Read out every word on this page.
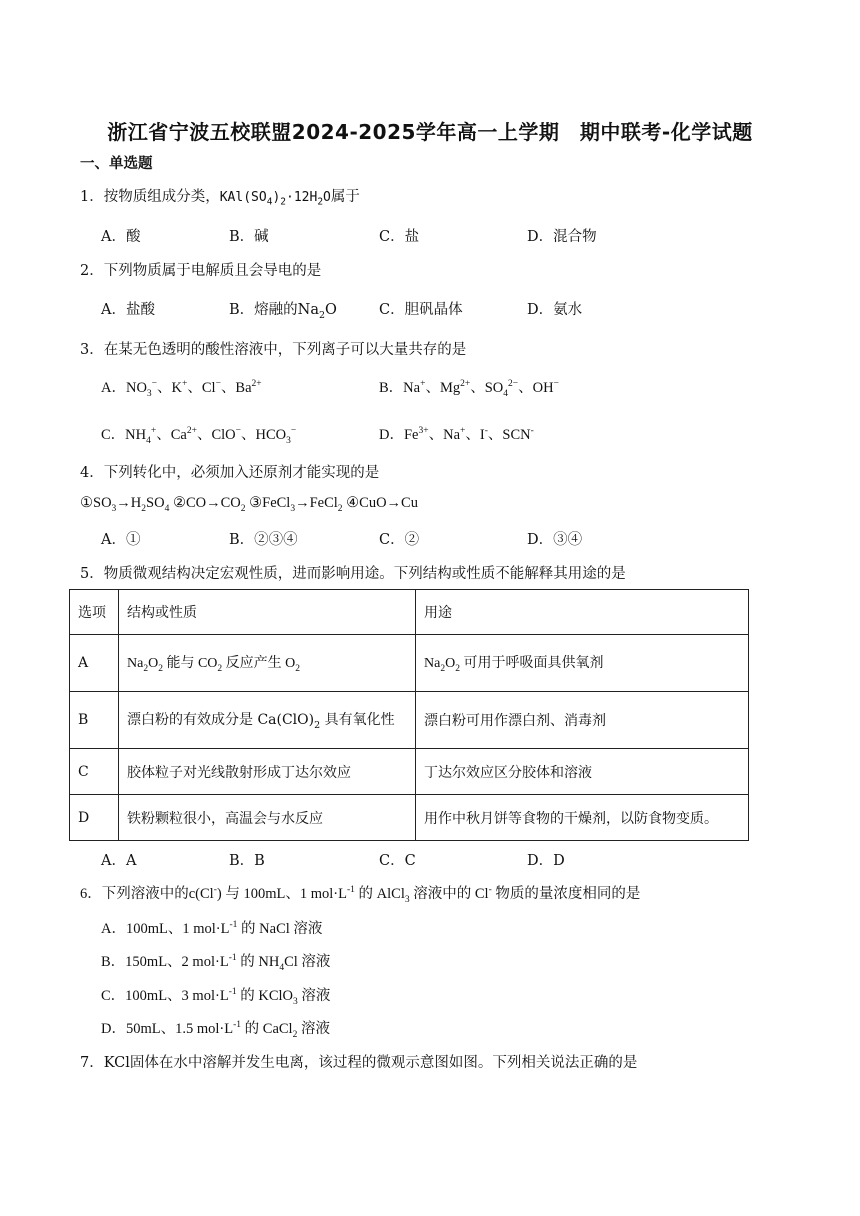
浙江省宁波五校联盟2024-2025学年高一上学期　期中联考-化学试题
一、单选题
1．按物质组成分类，$KAl(SO_4)_2\cdot 12H_2O$属于
A．酸	B．碱	C．盐	D．混合物
2．下列物质属于电解质且会导电的是
A．盐酸	B．熔融的$Na_2O$	C．胆矾晶体	D．氨水
3．在某无色透明的酸性溶液中，下列离子可以大量共存的是
A．$NO_3^-$、K+、Cl−、$Ba^{2+}$	B．Na+、$Mg^{2+}$、$SO_4^{2-}$、OH−
C．$NH_4^+$、$Ca^{2+}$、ClO−、$HCO_3^-$	D．$Fe^{3+}$、Na+、I-、SCN-
4．下列转化中，必须加入还原剂才能实现的是
$①SO_3\to H_2SO_4$ $②CO\to CO_2$ ③FeCl$_3$→FeCl$_2$ ④CuO→Cu
A．①	B．②③④	C．②	D．③④
5．物质微观结构决定宏观性质，进而影响用途。下列结构或性质不能解释其用途的是
选项	结构或性质	用途
A	$Na_2O_2$ 能与 $CO_2$ 反应产生 $O_2$	$Na_2O_2$ 可用于呼吸面具供氧剂
B	漂白粉的有效成分是 $Ca(ClO)_2$ 具有氧化性	漂白粉可用作漂白剂、消毒剂
C	胶体粒子对光线散射形成丁达尔效应	丁达尔效应区分胶体和溶液
D	铁粉颗粒很小，高温会与水反应	用作中秋月饼等食物的干燥剂，以防食物变质。
A．A	B．B	C．C	D．D
6．下列溶液中的c(Cl-) 与 100mL、1 $mol\cdot L^{-1}$ 的 AlCl$_3$ 溶液中的 Cl- 物质的量浓度相同的是
A．100mL、1 $mol\cdot L^{-1}$ 的 NaCl 溶液
B．150mL、2 $mol\cdot L^{-1}$ 的 $NH_4Cl$ 溶液
C．100mL、3 $mol\cdot L^{-1}$ 的 KClO$_3$ 溶液
D．50mL、1.5 $mol\cdot L^{-1}$ 的 CaCl$_2$ 溶液
7．KCl固体在水中溶解并发生电离，该过程的微观示意图如图。下列相关说法正确的是
